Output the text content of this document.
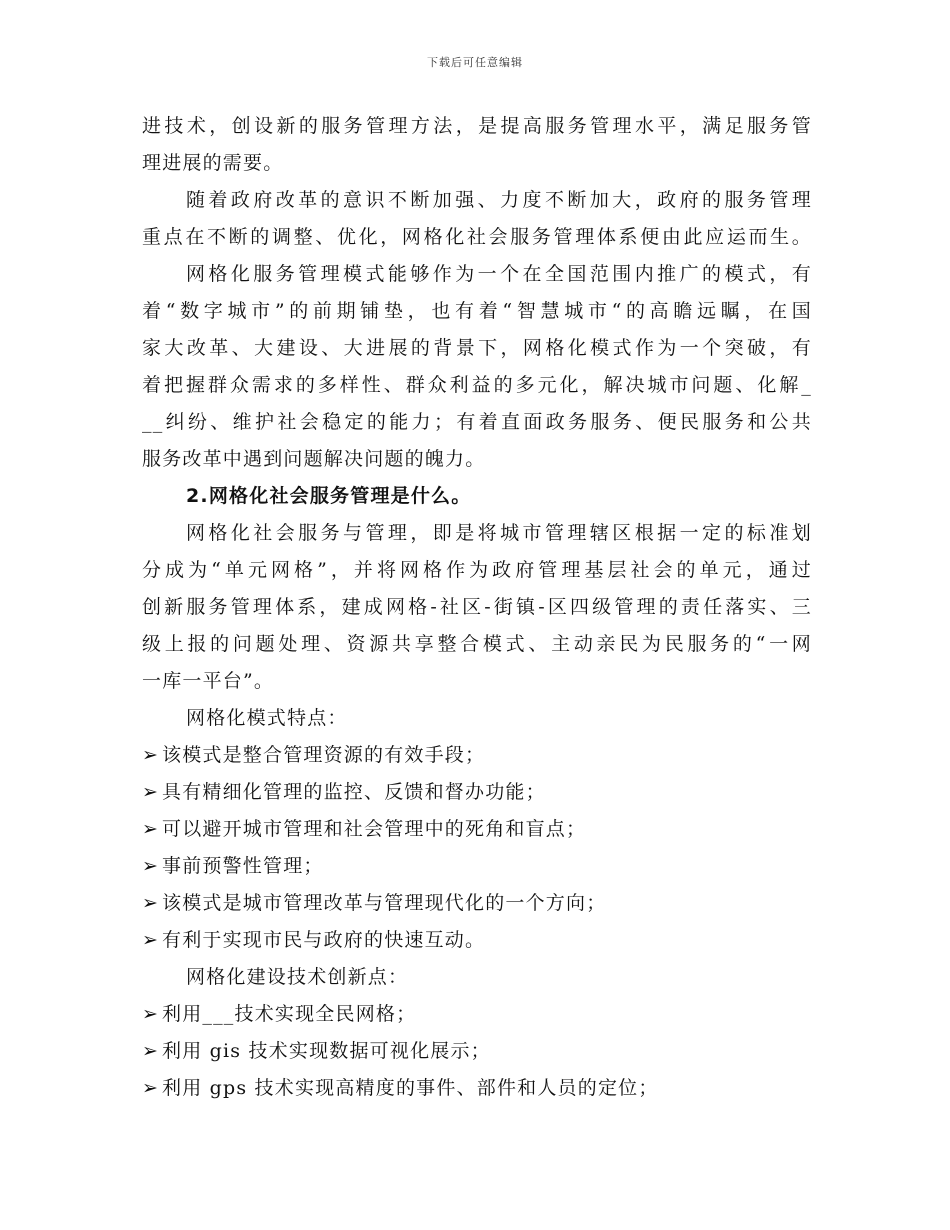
下载后可任意编辑
进技术，创设新的服务管理方法，是提高服务管理水平，满足服务管
理进展的需要。
随着政府改革的意识不断加强、力度不断加大，政府的服务管理
重点在不断的调整、优化，网格化社会服务管理体系便由此应运而生。
网格化服务管理模式能够作为一个在全国范围内推广的模式，有
着“数字城市”的前期铺垫，也有着“智慧城市“的高瞻远瞩，在国
家大改革、大建设、大进展的背景下，网格化模式作为一个突破，有
着把握群众需求的多样性、群众利益的多元化，解决城市问题、化解_
__纠纷、维护社会稳定的能力；有着直面政务服务、便民服务和公共
服务改革中遇到问题解决问题的魄力。
2.网格化社会服务管理是什么。
网格化社会服务与管理，即是将城市管理辖区根据一定的标准划
分成为“单元网格”，并将网格作为政府管理基层社会的单元，通过
创新服务管理体系，建成网格-社区-街镇-区四级管理的责任落实、三
级上报的问题处理、资源共享整合模式、主动亲民为民服务的“一网
一库一平台”。
网格化模式特点：
➢ 该模式是整合管理资源的有效手段；
➢ 具有精细化管理的监控、反馈和督办功能；
➢ 可以避开城市管理和社会管理中的死角和盲点；
➢ 事前预警性管理；
➢ 该模式是城市管理改革与管理现代化的一个方向；
➢ 有利于实现市民与政府的快速互动。
网格化建设技术创新点：
➢ 利用___技术实现全民网格；
➢ 利用 gis 技术实现数据可视化展示；
➢ 利用 gps 技术实现高精度的事件、部件和人员的定位；
